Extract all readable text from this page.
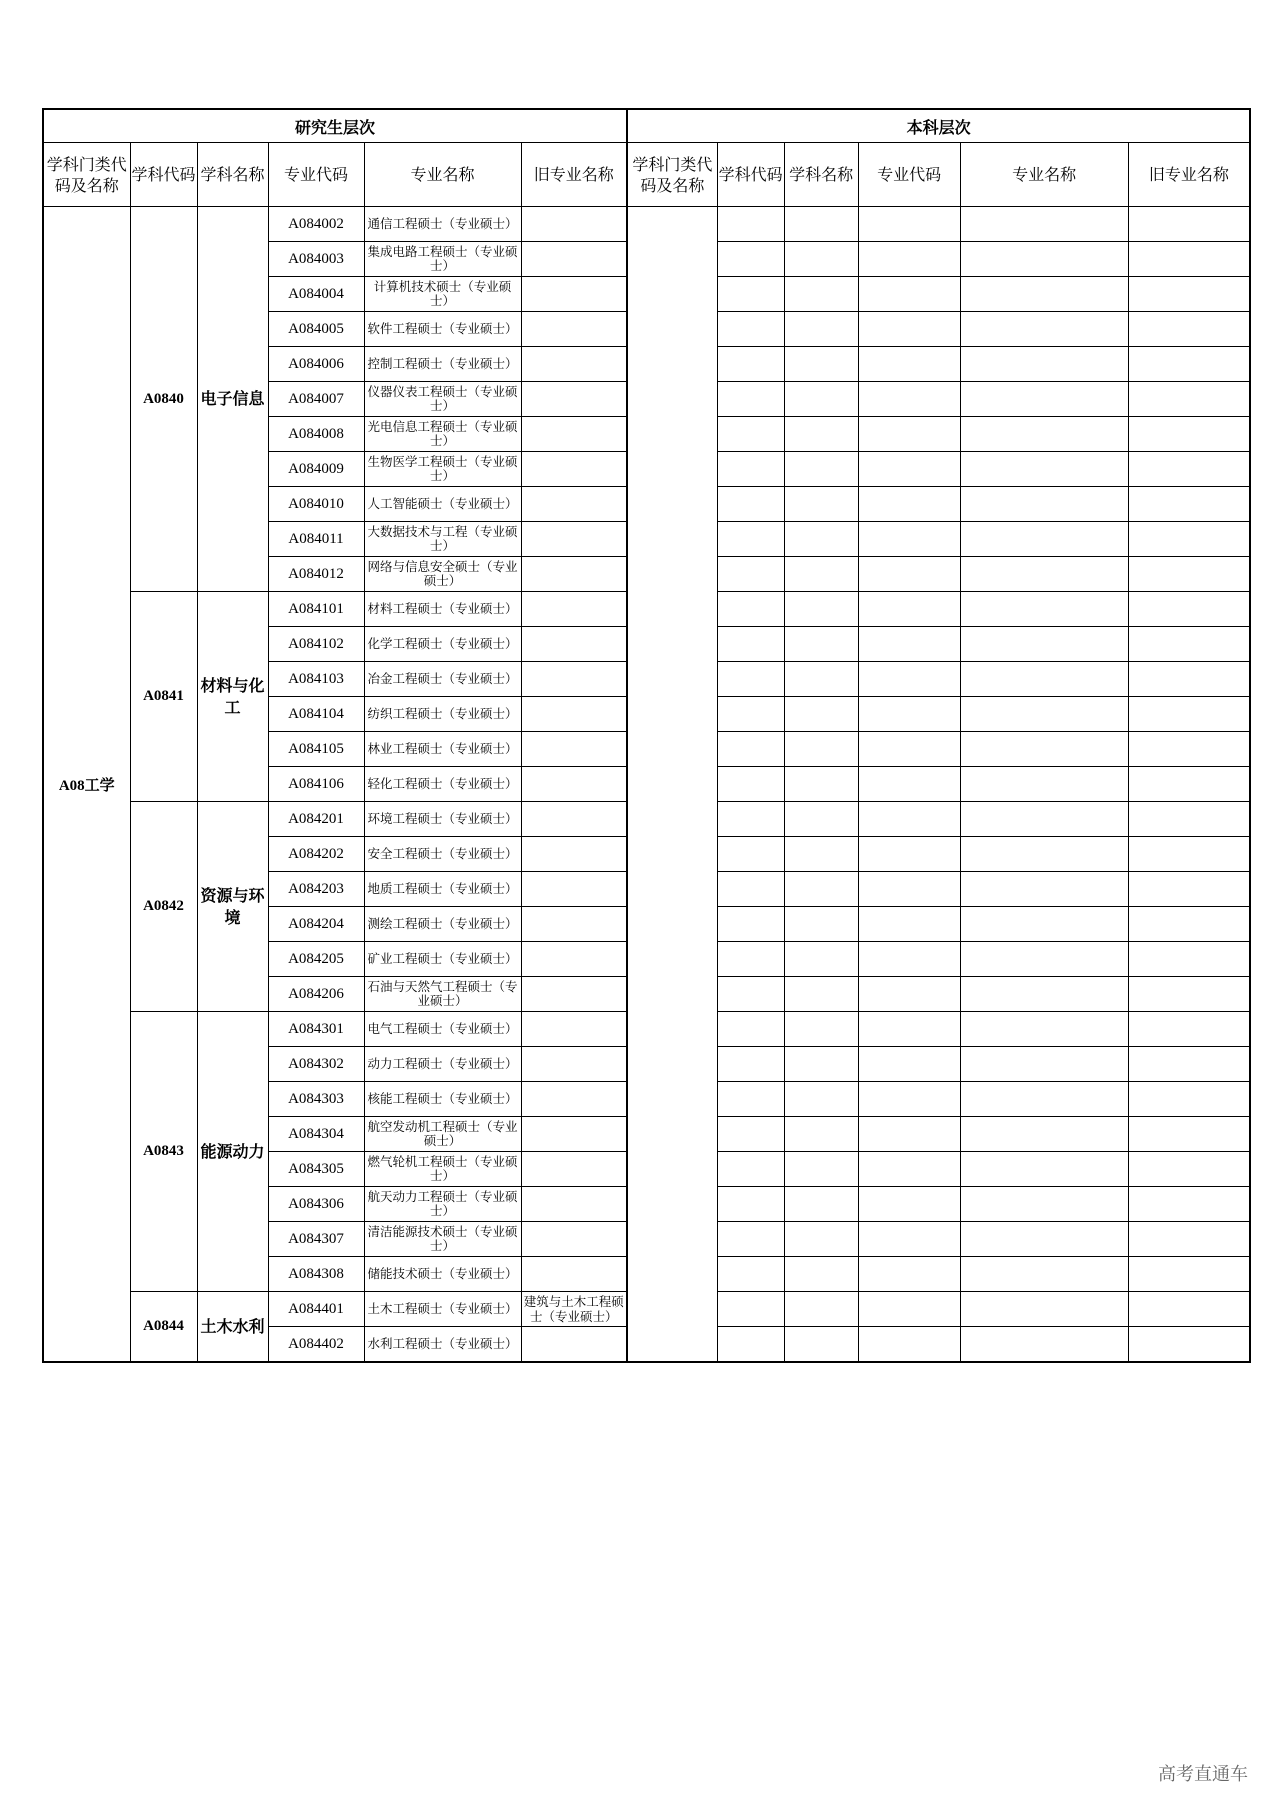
研究生层次						本科层次					
学科门类代码及名称	学科代码	学科名称	专业代码	专业名称	旧专业名称	学科门类代码及名称	学科代码	学科名称	专业代码	专业名称	旧专业名称
A08工学	A0840	电子信息	A084002	通信工程硕士（专业硕士）							
			A084003	集成电路工程硕士（专业硕士）							
			A084004	计算机技术硕士（专业硕士）							
			A084005	软件工程硕士（专业硕士）							
			A084006	控制工程硕士（专业硕士）							
			A084007	仪器仪表工程硕士（专业硕士）							
			A084008	光电信息工程硕士（专业硕士）							
			A084009	生物医学工程硕士（专业硕士）							
			A084010	人工智能硕士（专业硕士）							
			A084011	大数据技术与工程（专业硕士）							
			A084012	网络与信息安全硕士（专业硕士）							
	A0841	材料与化工	A084101	材料工程硕士（专业硕士）							
			A084102	化学工程硕士（专业硕士）							
			A084103	冶金工程硕士（专业硕士）							
			A084104	纺织工程硕士（专业硕士）							
			A084105	林业工程硕士（专业硕士）							
			A084106	轻化工程硕士（专业硕士）							
	A0842	资源与环境	A084201	环境工程硕士（专业硕士）							
			A084202	安全工程硕士（专业硕士）							
			A084203	地质工程硕士（专业硕士）							
			A084204	测绘工程硕士（专业硕士）							
			A084205	矿业工程硕士（专业硕士）							
			A084206	石油与天然气工程硕士（专业硕士）							
	A0843	能源动力	A084301	电气工程硕士（专业硕士）							
			A084302	动力工程硕士（专业硕士）							
			A084303	核能工程硕士（专业硕士）							
			A084304	航空发动机工程硕士（专业硕士）							
			A084305	燃气轮机工程硕士（专业硕士）							
			A084306	航天动力工程硕士（专业硕士）							
			A084307	清洁能源技术硕士（专业硕士）							
			A084308	储能技术硕士（专业硕士）							
	A0844	土木水利	A084401	土木工程硕士（专业硕士）	建筑与土木工程硕士（专业硕士）						
			A084402	水利工程硕士（专业硕士）							
高考直通车
